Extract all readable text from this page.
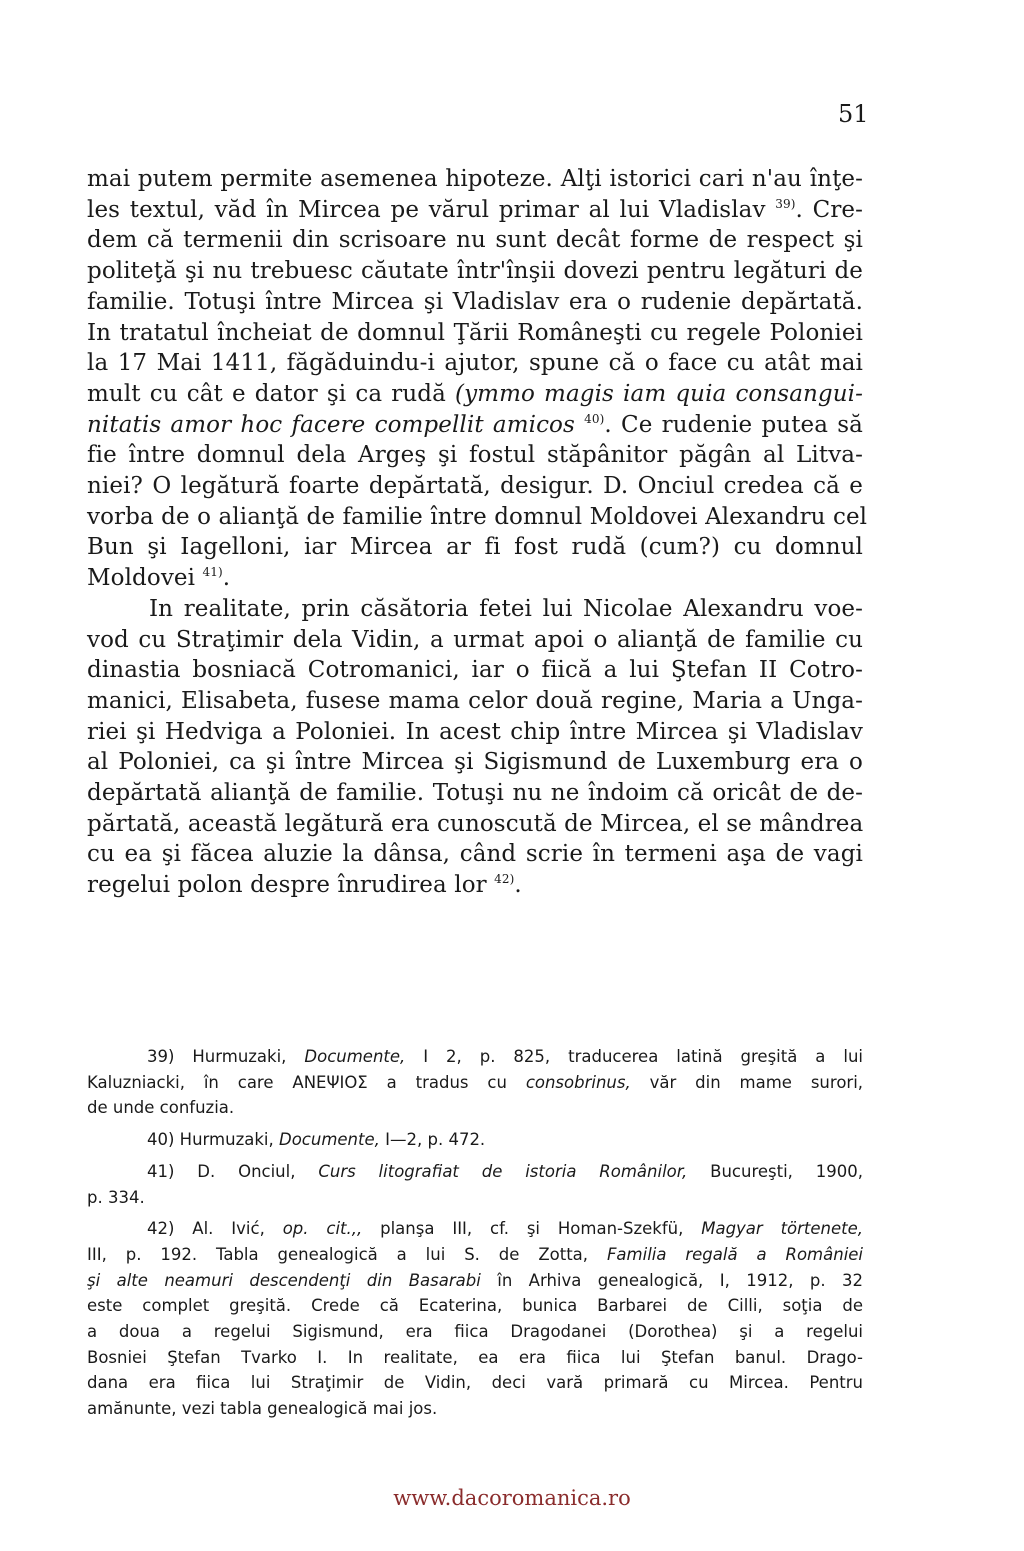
51

mai putem permite asemenea hipoteze. Alţi istorici cari n'au înţe-
les textul, văd în Mircea pe vărul primar al lui Vladislav $^{39)}$. Cre-
dem că termenii din scrisoare nu sunt decât forme de respect şi
politeţă şi nu trebuesc căutate într'înşii dovezi pentru legături de
familie. Totuşi între Mircea şi Vladislav era o rudenie depărtată.
In tratatul încheiat de domnul Ţării Româneşti cu regele Poloniei
la 17 Mai 1411, făgăduindu-i ajutor, spune că o face cu atât mai
mult cu cât e dator şi ca rudă (ymmo magis iam quia consangui-
nitatis amor hoc facere compellit amicos $^{40)}$. Ce rudenie putea să
fie între domnul dela Argeş şi fostul stăpânitor păgân al Litva-
niei? O legătură foarte depărtată, desigur. D. Onciul credea că e
vorba de o alianţă de familie între domnul Moldovei Alexandru cel
Bun şi Iagelloni, iar Mircea ar fi fost rudă (cum?) cu domnul
Moldovei $^{41)}$.

In realitate, prin căsătoria fetei lui Nicolae Alexandru voe-
vod cu Straţimir dela Vidin, a urmat apoi o alianţă de familie cu
dinastia bosniacă Cotromanici, iar o fiică a lui Ştefan II Cotro-
manici, Elisabeta, fusese mama celor două regine, Maria a Unga-
riei şi Hedviga a Poloniei. In acest chip între Mircea şi Vladislav
al Poloniei, ca şi între Mircea şi Sigismund de Luxemburg era o
depărtată alianţă de familie. Totuşi nu ne îndoim că oricât de de-
părtată, această legătură era cunoscută de Mircea, el se mândrea
cu ea şi făcea aluzie la dânsa, când scrie în termeni aşa de vagi
regelui polon despre înrudirea lor $^{42)}$.

39) Hurmuzaki, Documente, I 2, p. 825, traducerea latină greşită a lui
Kaluzniacki, în care ΑΝΕΨΙΟΣ a tradus cu consobrinus, văr din mame surori,
de unde confuzia.
40) Hurmuzaki, Documente, I—2, p. 472.
41) D. Onciul, Curs litografiat de istoria Românilor, Bucureşti, 1900,
p. 334.
42) Al. Ivić, op. cit.,, planşa III, cf. şi Homan-Szekfü, Magyar törtenete,
III, p. 192. Tabla genealogică a lui S. de Zotta, Familia regală a României
şi alte neamuri descendenţi din Basarabi în Arhiva genealogică, I, 1912, p. 32
este complet greşită. Crede că Ecaterina, bunica Barbarei de Cilli, soţia de
a doua a regelui Sigismund, era fiica Dragodanei (Dorothea) şi a regelui
Bosniei Ştefan Tvarko I. In realitate, ea era fiica lui Ştefan banul. Drago-
dana era fiica lui Straţimir de Vidin, deci vară primară cu Mircea. Pentru
amănunte, vezi tabla genealogică mai jos.
www.dacoromanica.ro
